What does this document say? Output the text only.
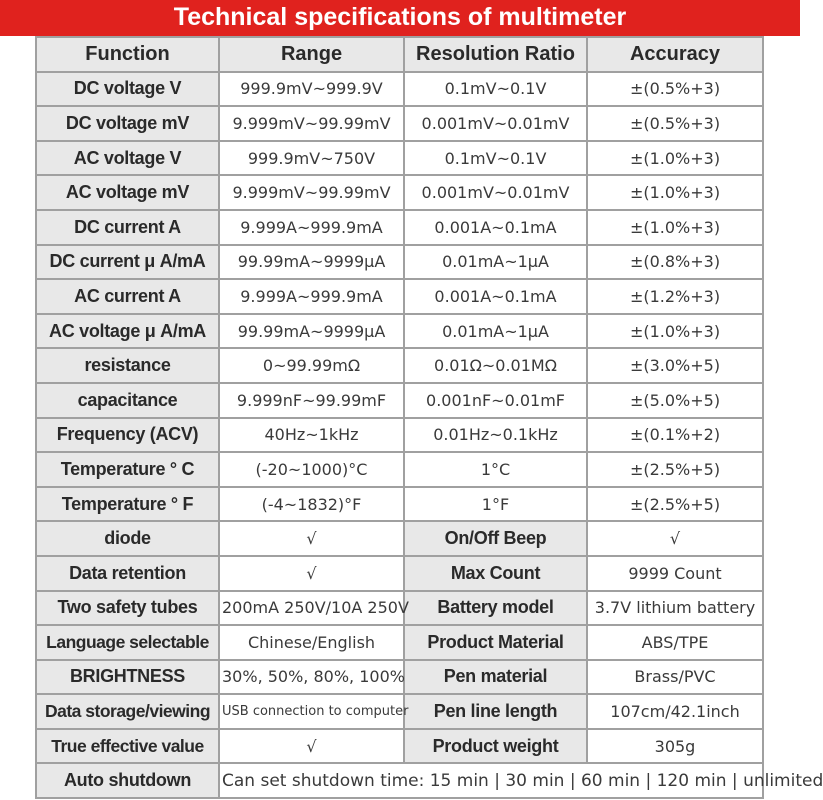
Technical specifications of multimeter
Function	Range	Resolution Ratio	Accuracy
DC voltage V	999.9mV~999.9V	0.1mV~0.1V	±(0.5%+3)
DC voltage mV	9.999mV~99.99mV	0.001mV~0.01mV	±(0.5%+3)
AC voltage V	999.9mV~750V	0.1mV~0.1V	±(1.0%+3)
AC voltage mV	9.999mV~99.99mV	0.001mV~0.01mV	±(1.0%+3)
DC current A	9.999A~999.9mA	0.001A~0.1mA	±(1.0%+3)
DC current μ A/mA	99.99mA~9999μA	0.01mA~1μA	±(0.8%+3)
AC current A	9.999A~999.9mA	0.001A~0.1mA	±(1.2%+3)
AC voltage μ A/mA	99.99mA~9999μA	0.01mA~1μA	±(1.0%+3)
resistance	0~99.99mΩ	0.01Ω~0.01MΩ	±(3.0%+5)
capacitance	9.999nF~99.99mF	0.001nF~0.01mF	±(5.0%+5)
Frequency (ACV)	40Hz~1kHz	0.01Hz~0.1kHz	±(0.1%+2)
Temperature ° C	(-20~1000)°C	1°C	±(2.5%+5)
Temperature ° F	(-4~1832)°F	1°F	±(2.5%+5)
diode	√	On/Off Beep	√
Data retention	√	Max Count	9999 Count
Two safety tubes	200mA 250V/10A 250V	Battery model	3.7V lithium battery
Language selectable	Chinese/English	Product Material	ABS/TPE
BRIGHTNESS	30%, 50%, 80%, 100%	Pen material	Brass/PVC
Data storage/viewing	USB connection to computer	Pen line length	107cm/42.1inch
True effective value	√	Product weight	305g
Auto shutdown	Can set shutdown time: 15 min | 30 min | 60 min | 120 min | unlimited		
